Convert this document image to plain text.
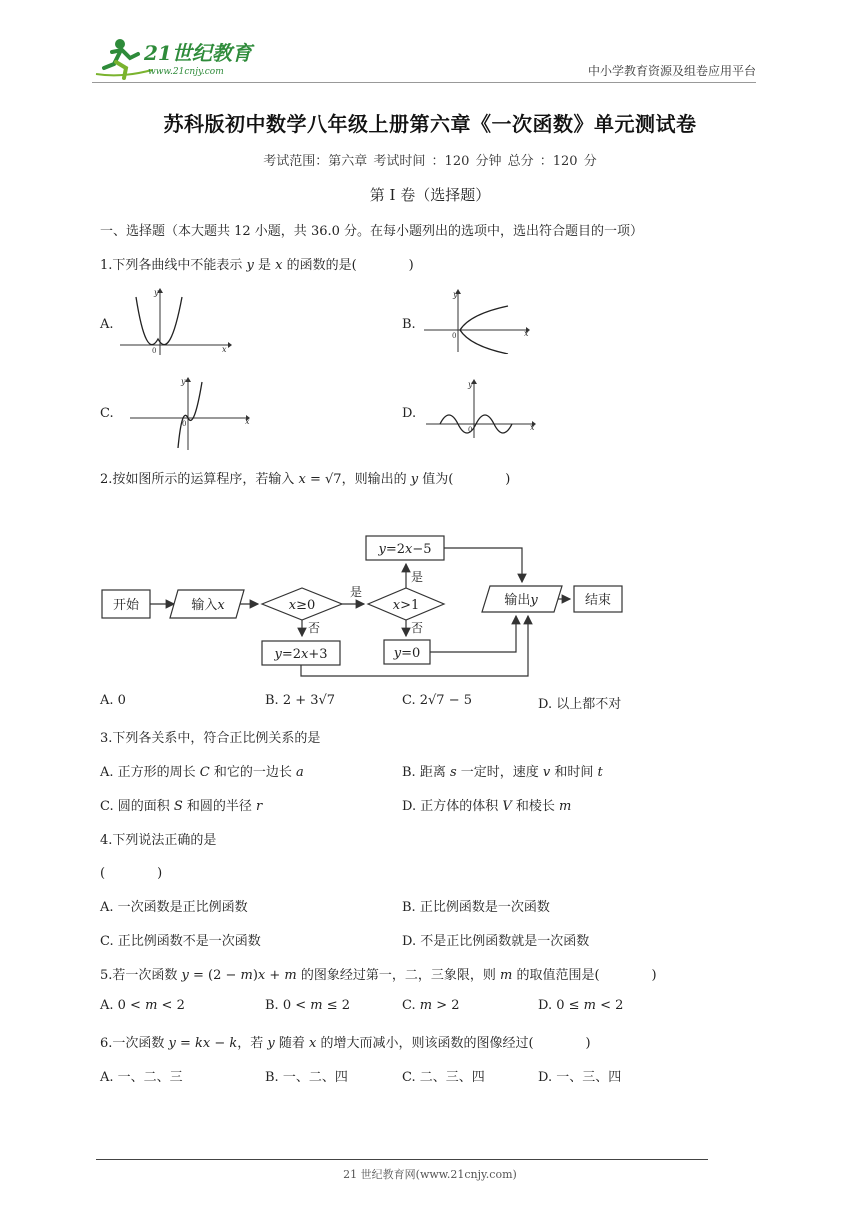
21世纪教育
www.21cnjy.com	中小学教育资源及组卷应用平台
苏科版初中数学八年级上册第六章《一次函数》单元测试卷
考试范围：第六章 考试时间 ：120 分钟 总分 ：120 分
第 I 卷（选择题）
一、选择题（本大题共 12 小题，共 36.0 分。在每小题列出的选项中，选出符合题目的一项）
1.下列各曲线中不能表示 𝑦 是 𝑥 的函数的是(　　　　)
A.
y
x
0
B.
y
x
0
C.
y
x
0
D.
y
x
0
2.按如图所示的运算程序，若输入 𝑥 = √7，则输出的 𝑦 值为(　　　　)
开始	输入𝑥	𝑥≥0
是
否
𝑦=2𝑥+3
𝑥>1
是
否
𝑦=2𝑥−5
𝑦=0
输出𝑦	结束
A. 0	B. 2 + 3√7	C. 2√7 − 5	D. 以上都不对
3.下列各关系中，符合正比例关系的是
A. 正方形的周长 𝐶 和它的一边长 𝑎	B. 距离 𝑠 一定时，速度 𝑣 和时间 𝑡
C. 圆的面积 𝑆 和圆的半径 𝑟	D. 正方体的体积 𝑉 和棱长 𝑚
4.下列说法正确的是
(　　　　)
A. 一次函数是正比例函数	B. 正比例函数是一次函数
C. 正比例函数不是一次函数	D. 不是正比例函数就是一次函数
5.若一次函数 𝑦 = (2 − 𝑚)𝑥 + 𝑚 的图象经过第一，二，三象限，则 𝑚 的取值范围是(　　　　)
A. 0 < 𝑚 < 2	B. 0 < 𝑚 ≤ 2	C. 𝑚 > 2	D. 0 ≤ 𝑚 < 2
6.一次函数 𝑦 = 𝑘𝑥 − 𝑘，若 𝑦 随着 𝑥 的增大而减小，则该函数的图像经过(　　　　)
A. 一、二、三	B. 一、二、四	C. 二、三、四	D. 一、三、四
21 世纪教育网(www.21cnjy.com)
